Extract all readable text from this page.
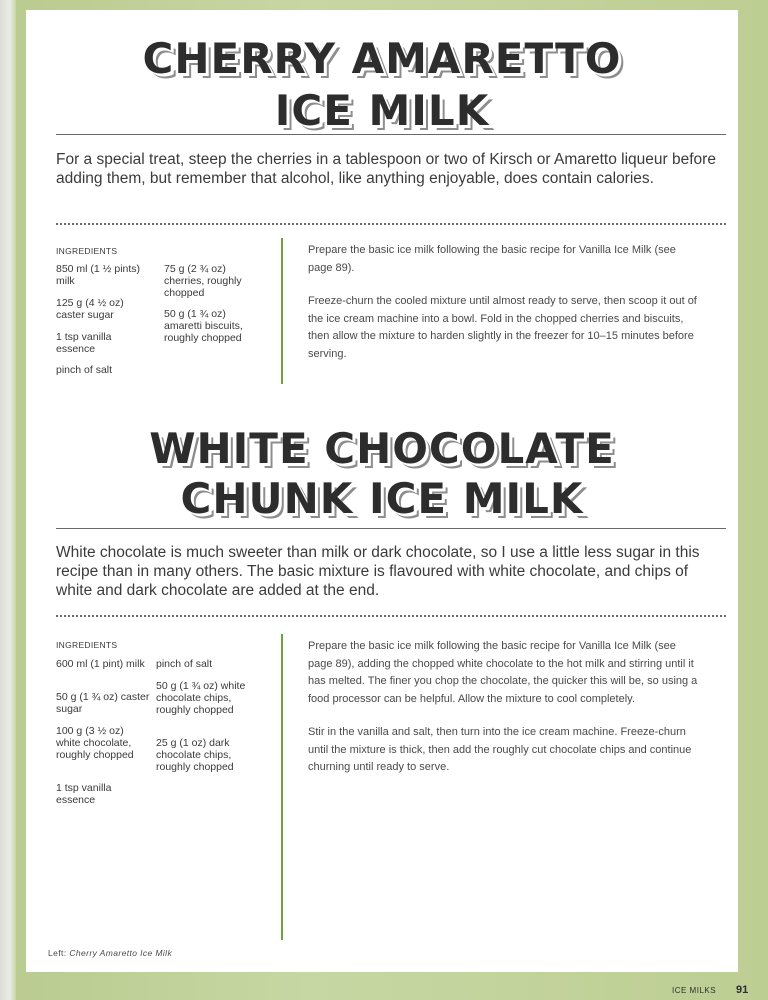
CHERRY AMARETTO
ICE MILK
For a special treat, steep the cherries in a tablespoon or two of Kirsch or Amaretto liqueur before adding them, but remember that alcohol, like anything enjoyable, does contain calories.
INGREDIENTS
850 ml (1 ½ pints) milk
125 g (4 ½ oz) caster sugar
1 tsp vanilla essence
pinch of salt
75 g (2 ¾ oz) cherries, roughly chopped
50 g (1 ¾ oz) amaretti biscuits, roughly chopped

Prepare the basic ice milk following the basic recipe for Vanilla Ice Milk (see page 89).

Freeze-churn the cooled mixture until almost ready to serve, then scoop it out of the ice cream machine into a bowl. Fold in the chopped cherries and biscuits, then allow the mixture to harden slightly in the freezer for 10–15 minutes before serving.

WHITE CHOCOLATE
CHUNK ICE MILK
White chocolate is much sweeter than milk or dark chocolate, so I use a little less sugar in this recipe than in many others. The basic mixture is flavoured with white chocolate, and chips of white and dark chocolate are added at the end.
INGREDIENTS
600 ml (1 pint) milk
50 g (1 ¾ oz) caster sugar
100 g (3 ½ oz) white chocolate, roughly chopped
1 tsp vanilla essence
pinch of salt
50 g (1 ¾ oz) white chocolate chips, roughly chopped
25 g (1 oz) dark chocolate chips, roughly chopped

Prepare the basic ice milk following the basic recipe for Vanilla Ice Milk (see page 89), adding the chopped white chocolate to the hot milk and stirring until it has melted. The finer you chop the chocolate, the quicker this will be, so using a food processor can be helpful. Allow the mixture to cool completely.

Stir in the vanilla and salt, then turn into the ice cream machine. Freeze-churn until the mixture is thick, then add the roughly cut chocolate chips and continue churning until ready to serve.

Left: Cherry Amaretto Ice Milk
ICE MILKS 91
